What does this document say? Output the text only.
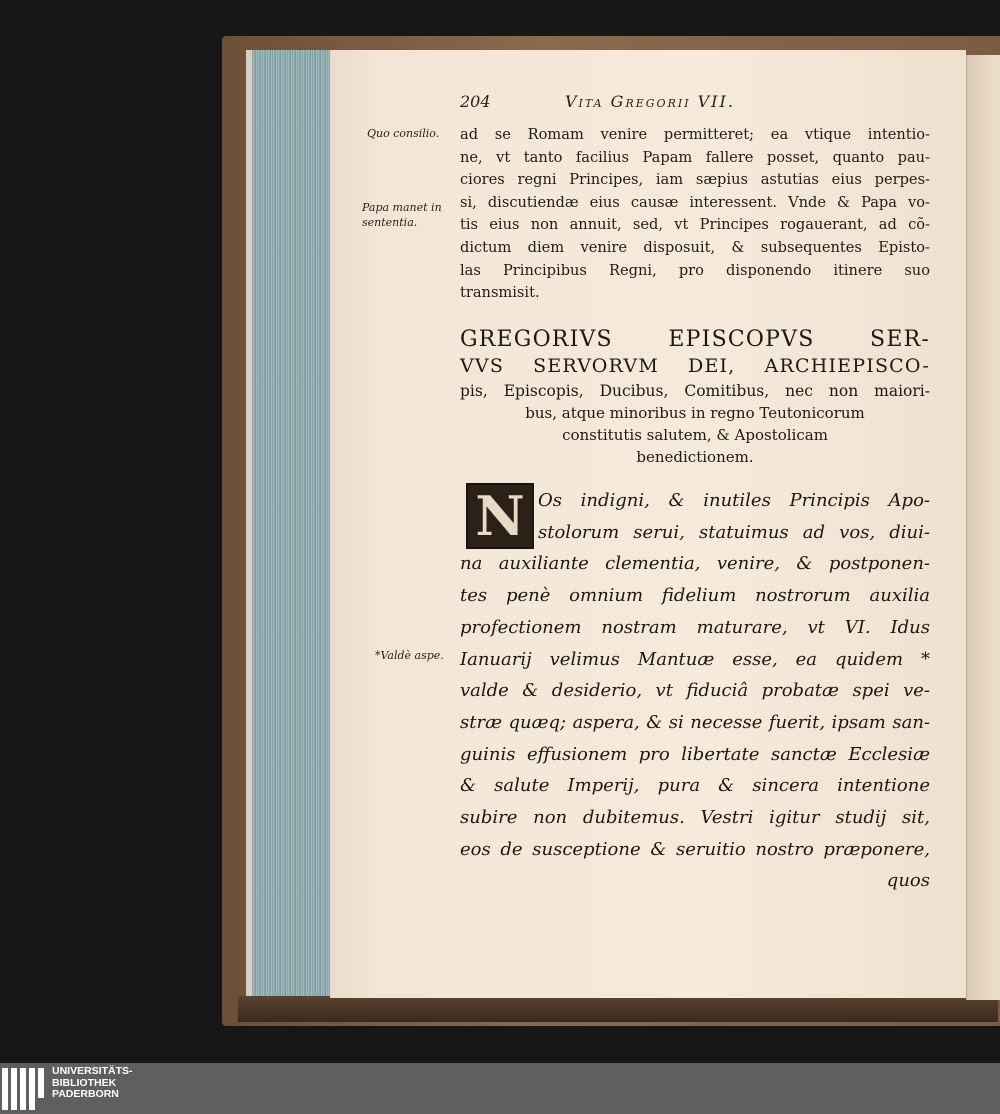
204	Vita Gregorii VII.
Quo consilio.
Papa manet in
sententia.
*Valdè aspe.
ad se Romam venire permitteret; ea vtique intentio-
ne, vt tanto facilius Papam fallere posset, quanto pau-
ciores regni Principes, iam sæpius astutias eius perpes-
si, discutiendæ eius causæ interessent. Vnde & Papa vo-
tis eius non annuit, sed, vt Principes rogauerant, ad cõ-
dictum diem venire disposuit, & subsequentes Episto-
las Principibus Regni, pro disponendo itinere suo
transmisit.
GREGORIVS EPISCOPVS SER-
VVS SERVORVM DEI, ARCHIEPISCO-
pis, Episcopis, Ducibus, Comitibus, nec non maiori-
bus, atque minoribus in regno Teutonicorum
constitutis salutem, & Apostolicam
benedictionem.
N Os indigni, & inutiles Principis Apo-
stolorum serui, statuimus ad vos, diui-
na auxiliante clementia, venire, & postponen-
tes penè omnium fidelium nostrorum auxilia
profectionem nostram maturare, vt VI. Idus
Ianuarij velimus Mantuæ esse, ea quidem *
valde & desiderio, vt fiduciâ probatæ spei ve-
stræ quæq; aspera, & si necesse fuerit, ipsam san-
guinis effusionem pro libertate sanctæ Ecclesiæ
& salute Imperij, pura & sincera intentione
subire non dubitemus. Vestri igitur studij sit,
eos de susceptione & seruitio nostro præponere,
quos
UNIVERSITÄTS-
BIBLIOTHEK
PADERBORN
